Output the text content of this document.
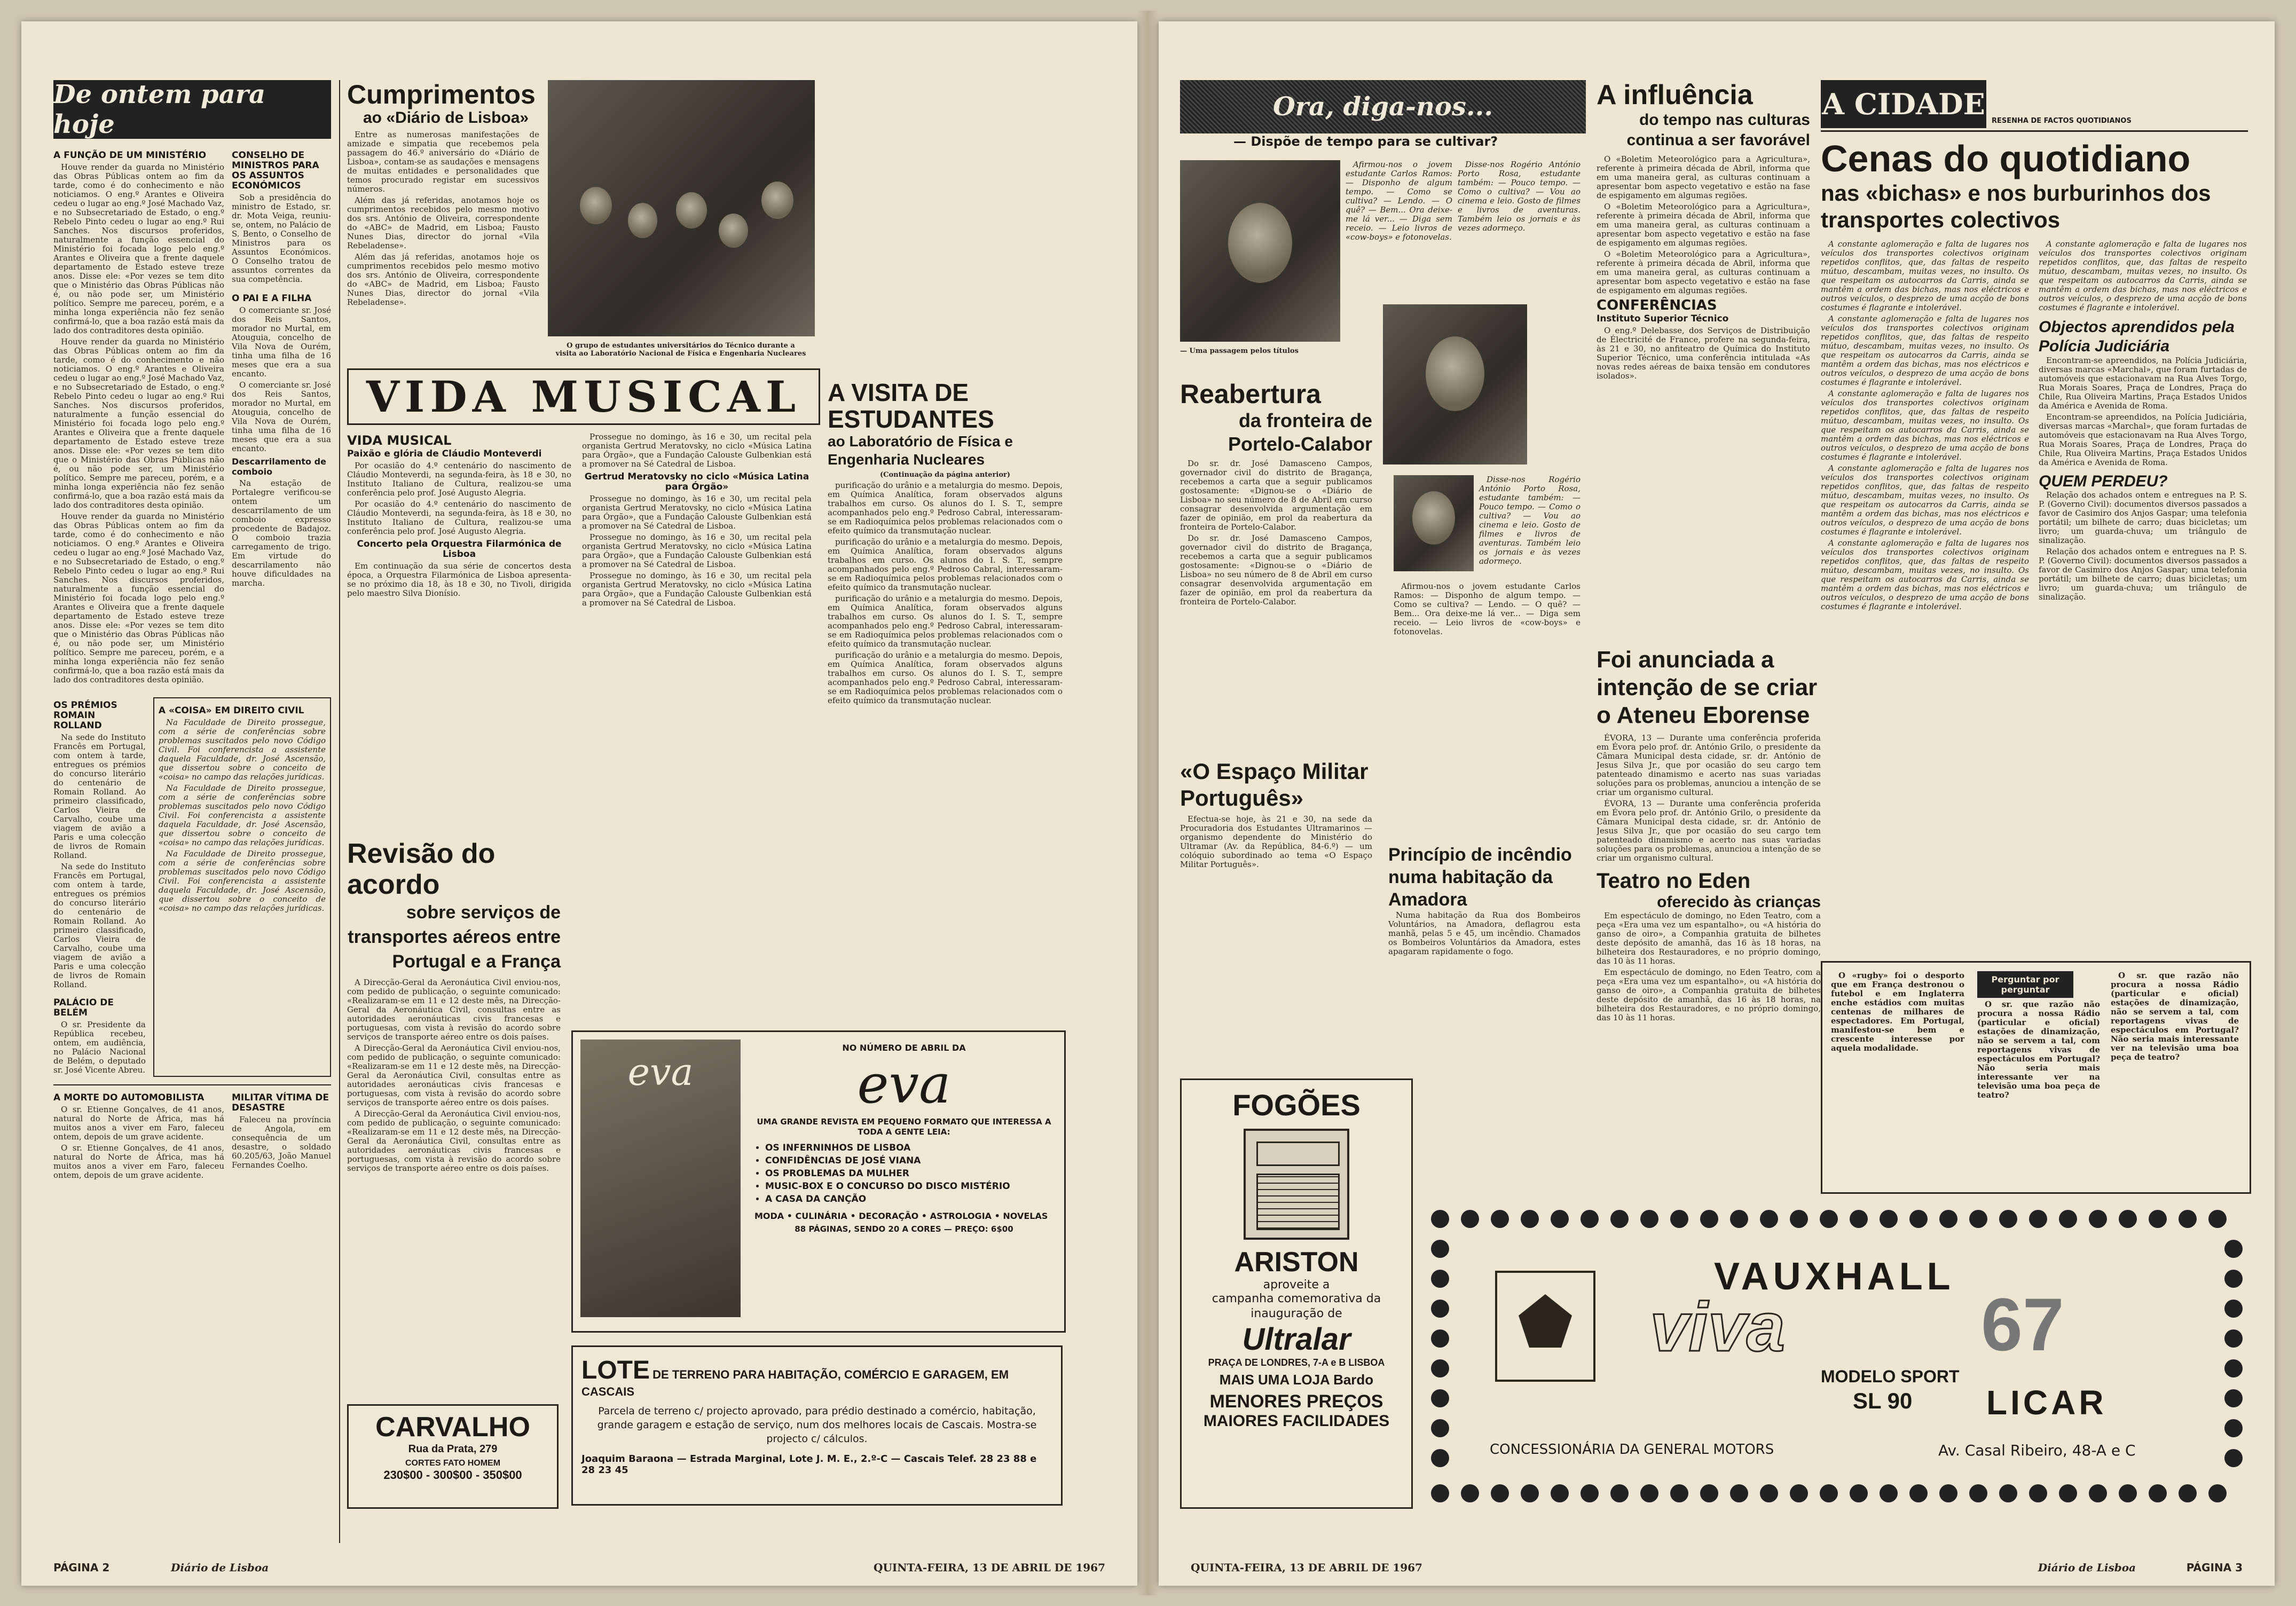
De ontem para hoje
A FUNÇÃO DE UM MINISTÉRIO

Houve render da guarda no Ministério das Obras Públicas ontem ao fim da tarde, como é do conhecimento e não noticiamos. O eng.º Arantes e Oliveira cedeu o lugar ao eng.º José Machado Vaz, e no Subsecretariado de Estado, o eng.º Rebelo Pinto cedeu o lugar ao eng.º Rui Sanches. Nos discursos proferidos, naturalmente a função essencial do Ministério foi focada logo pelo eng.º Arantes e Oliveira que a frente daquele departamento de Estado esteve treze anos. Disse ele: «Por vezes se tem dito que o Ministério das Obras Públicas não é, ou não pode ser, um Ministério político. Sempre me pareceu, porém, e a minha longa experiência não fez senão confirmá-lo, que a boa razão está mais da lado dos contraditores desta opinião.

Houve render da guarda no Ministério das Obras Públicas ontem ao fim da tarde, como é do conhecimento e não noticiamos. O eng.º Arantes e Oliveira cedeu o lugar ao eng.º José Machado Vaz, e no Subsecretariado de Estado, o eng.º Rebelo Pinto cedeu o lugar ao eng.º Rui Sanches. Nos discursos proferidos, naturalmente a função essencial do Ministério foi focada logo pelo eng.º Arantes e Oliveira que a frente daquele departamento de Estado esteve treze anos. Disse ele: «Por vezes se tem dito que o Ministério das Obras Públicas não é, ou não pode ser, um Ministério político. Sempre me pareceu, porém, e a minha longa experiência não fez senão confirmá-lo, que a boa razão está mais da lado dos contraditores desta opinião.

Houve render da guarda no Ministério das Obras Públicas ontem ao fim da tarde, como é do conhecimento e não noticiamos. O eng.º Arantes e Oliveira cedeu o lugar ao eng.º José Machado Vaz, e no Subsecretariado de Estado, o eng.º Rebelo Pinto cedeu o lugar ao eng.º Rui Sanches. Nos discursos proferidos, naturalmente a função essencial do Ministério foi focada logo pelo eng.º Arantes e Oliveira que a frente daquele departamento de Estado esteve treze anos. Disse ele: «Por vezes se tem dito que o Ministério das Obras Públicas não é, ou não pode ser, um Ministério político. Sempre me pareceu, porém, e a minha longa experiência não fez senão confirmá-lo, que a boa razão está mais da lado dos contraditores desta opinião.

CONSELHO DE MINISTROS PARA OS ASSUNTOS ECONÓMICOS

Sob a presidência do ministro de Estado, sr. dr. Mota Veiga, reuniu-se, ontem, no Palácio de S. Bento, o Conselho de Ministros para os Assuntos Económicos. O Conselho tratou de assuntos correntes da sua competência.

O PAI E A FILHA

O comerciante sr. José dos Reis Santos, morador no Murtal, em Atouguia, concelho de Vila Nova de Ourém, tinha uma filha de 16 meses que era a sua encanto.

O comerciante sr. José dos Reis Santos, morador no Murtal, em Atouguia, concelho de Vila Nova de Ourém, tinha uma filha de 16 meses que era a sua encanto.

Descarrilamento de comboio

Na estação de Portalegre verificou-se ontem um descarrilamento de um comboio expresso procedente de Badajoz. O comboio trazia carregamento de trigo. Em virtude do descarrilamento não houve dificuldades na marcha.

OS PRÉMIOS ROMAIN ROLLAND

Na sede do Instituto Francês em Portugal, com ontem à tarde, entregues os prémios do concurso literário do centenário de Romain Rolland. Ao primeiro classificado, Carlos Vieira de Carvalho, coube uma viagem de avião a Paris e uma colecção de livros de Romain Rolland.

Na sede do Instituto Francês em Portugal, com ontem à tarde, entregues os prémios do concurso literário do centenário de Romain Rolland. Ao primeiro classificado, Carlos Vieira de Carvalho, coube uma viagem de avião a Paris e uma colecção de livros de Romain Rolland.

PALÁCIO DE BELÉM

O sr. Presidente da República recebeu, ontem, em audiência, no Palácio Nacional de Belém, o deputado sr. José Vicente Abreu.

A «COISA» EM DIREITO CIVIL

Na Faculdade de Direito prossegue, com a série de conferências sobre problemas suscitados pelo novo Código Civil. Foi conferencista a assistente daquela Faculdade, dr. José Ascensão, que dissertou sobre o conceito de «coisa» no campo das relações jurídicas.

Na Faculdade de Direito prossegue, com a série de conferências sobre problemas suscitados pelo novo Código Civil. Foi conferencista a assistente daquela Faculdade, dr. José Ascensão, que dissertou sobre o conceito de «coisa» no campo das relações jurídicas.

Na Faculdade de Direito prossegue, com a série de conferências sobre problemas suscitados pelo novo Código Civil. Foi conferencista a assistente daquela Faculdade, dr. José Ascensão, que dissertou sobre o conceito de «coisa» no campo das relações jurídicas.

A MORTE DO AUTOMOBILISTA

O sr. Etienne Gonçalves, de 41 anos, natural do Norte de África, mas há muitos anos a viver em Faro, faleceu ontem, depois de um grave acidente.

O sr. Etienne Gonçalves, de 41 anos, natural do Norte de África, mas há muitos anos a viver em Faro, faleceu ontem, depois de um grave acidente.

MILITAR VÍTIMA DE DESASTRE

Faleceu na província de Angola, em consequência de um desastre, o soldado 60.205/63, João Manuel Fernandes Coelho.

Cumprimentos
ao «Diário de Lisboa»

Entre as numerosas manifestações de amizade e simpatia que recebemos pela passagem do 46.º aniversário do «Diário de Lisboa», contam-se as saudações e mensagens de muitas entidades e personalidades que temos procurado registar em sucessivos números.

Além das já referidas, anotamos hoje os cumprimentos recebidos pelo mesmo motivo dos srs. António de Oliveira, correspondente do «ABC» de Madrid, em Lisboa; Fausto Nunes Dias, director do jornal «Vila Rebeladense».

Além das já referidas, anotamos hoje os cumprimentos recebidos pelo mesmo motivo dos srs. António de Oliveira, correspondente do «ABC» de Madrid, em Lisboa; Fausto Nunes Dias, director do jornal «Vila Rebeladense».

O grupo de estudantes universitários do Técnico durante a visita ao Laboratório Nacional de Física e Engenharia Nucleares
VIDA MUSICAL
VIDA MUSICAL
Paixão e glória de Cláudio Monteverdi

Por ocasião do 4.º centenário do nascimento de Cláudio Monteverdi, na segunda-feira, às 18 e 30, no Instituto Italiano de Cultura, realizou-se uma conferência pelo prof. José Augusto Alegria.

Por ocasião do 4.º centenário do nascimento de Cláudio Monteverdi, na segunda-feira, às 18 e 30, no Instituto Italiano de Cultura, realizou-se uma conferência pelo prof. José Augusto Alegria.

Concerto pela Orquestra Filarmónica de Lisboa

Em continuação da sua série de concertos desta época, a Orquestra Filarmónica de Lisboa apresenta-se no próximo dia 18, às 18 e 30, no Tivoli, dirigida pelo maestro Silva Dionísio.

Prossegue no domingo, às 16 e 30, um recital pela organista Gertrud Meratovsky, no ciclo «Música Latina para Órgão», que a Fundação Calouste Gulbenkian está a promover na Sé Catedral de Lisboa.

Gertrud Meratovsky no ciclo «Música Latina para Órgão»

Prossegue no domingo, às 16 e 30, um recital pela organista Gertrud Meratovsky, no ciclo «Música Latina para Órgão», que a Fundação Calouste Gulbenkian está a promover na Sé Catedral de Lisboa.

Prossegue no domingo, às 16 e 30, um recital pela organista Gertrud Meratovsky, no ciclo «Música Latina para Órgão», que a Fundação Calouste Gulbenkian está a promover na Sé Catedral de Lisboa.

Prossegue no domingo, às 16 e 30, um recital pela organista Gertrud Meratovsky, no ciclo «Música Latina para Órgão», que a Fundação Calouste Gulbenkian está a promover na Sé Catedral de Lisboa.

A VISITA DE ESTUDANTES
ao Laboratório de Física e Engenharia Nucleares
(Continuação da página anterior)

purificação do urânio e a metalurgia do mesmo. Depois, em Química Analítica, foram observados alguns trabalhos em curso. Os alunos do I. S. T., sempre acompanhados pelo eng.º Pedroso Cabral, interessaram-se em Radioquímica pelos problemas relacionados com o efeito químico da transmutação nuclear.

purificação do urânio e a metalurgia do mesmo. Depois, em Química Analítica, foram observados alguns trabalhos em curso. Os alunos do I. S. T., sempre acompanhados pelo eng.º Pedroso Cabral, interessaram-se em Radioquímica pelos problemas relacionados com o efeito químico da transmutação nuclear.

purificação do urânio e a metalurgia do mesmo. Depois, em Química Analítica, foram observados alguns trabalhos em curso. Os alunos do I. S. T., sempre acompanhados pelo eng.º Pedroso Cabral, interessaram-se em Radioquímica pelos problemas relacionados com o efeito químico da transmutação nuclear.

purificação do urânio e a metalurgia do mesmo. Depois, em Química Analítica, foram observados alguns trabalhos em curso. Os alunos do I. S. T., sempre acompanhados pelo eng.º Pedroso Cabral, interessaram-se em Radioquímica pelos problemas relacionados com o efeito químico da transmutação nuclear.

Revisão do acordo
sobre serviços de transportes aéreos entre Portugal e a França

A Direcção-Geral da Aeronáutica Civil enviou-nos, com pedido de publicação, o seguinte comunicado: «Realizaram-se em 11 e 12 deste mês, na Direcção-Geral da Aeronáutica Civil, consultas entre as autoridades aeronáuticas civis francesas e portuguesas, com vista à revisão do acordo sobre serviços de transporte aéreo entre os dois países.

A Direcção-Geral da Aeronáutica Civil enviou-nos, com pedido de publicação, o seguinte comunicado: «Realizaram-se em 11 e 12 deste mês, na Direcção-Geral da Aeronáutica Civil, consultas entre as autoridades aeronáuticas civis francesas e portuguesas, com vista à revisão do acordo sobre serviços de transporte aéreo entre os dois países.

A Direcção-Geral da Aeronáutica Civil enviou-nos, com pedido de publicação, o seguinte comunicado: «Realizaram-se em 11 e 12 deste mês, na Direcção-Geral da Aeronáutica Civil, consultas entre as autoridades aeronáuticas civis francesas e portuguesas, com vista à revisão do acordo sobre serviços de transporte aéreo entre os dois países.

eva
NO NÚMERO DE ABRIL DA
eva
UMA GRANDE REVISTA EM PEQUENO FORMATO QUE INTERESSA A TODA A GENTE LEIA:
• OS INFERNINHOS DE LISBOA
• CONFIDÊNCIAS DE JOSÉ VIANA
• OS PROBLEMAS DA MULHER
• MUSIC-BOX E O CONCURSO DO DISCO MISTÉRIO
• A CASA DA CANÇÃO
MODA • CULINÁRIA • DECORAÇÃO • ASTROLOGIA • NOVELAS
88 PÁGINAS, SENDO 20 A CORES — PREÇO: 6$00
LOTE DE TERRENO PARA HABITAÇÃO, COMÉRCIO E GARAGEM, EM CASCAIS
Parcela de terreno c/ projecto aprovado, para prédio destinado a comércio, habitação, grande garagem e estação de serviço, num dos melhores locais de Cascais. Mostra-se projecto c/ cálculos.
Joaquim Baraona — Estrada Marginal, Lote J. M. E., 2.º-C — Cascais Telef. 28 23 88 e 28 23 45
CARVALHO
Rua da Prata, 279
CORTES FATO HOMEM
230$00 - 300$00 - 350$00
PÁGINA 2	Diário de Lisboa	QUINTA-FEIRA, 13 DE ABRIL DE 1967
Ora, diga-nos...
— Dispõe de tempo para se cultivar?

Afirmou-nos o jovem estudante Carlos Ramos: — Disponho de algum tempo. — Como se cultiva? — Lendo. — O quê? — Bem... Ora deixe-me lá ver... — Diga sem receio. — Leio livros de «cow-boys» e fotonovelas.

Disse-nos Rogério António Porto Rosa, estudante também: — Pouco tempo. — Como o cultiva? — Vou ao cinema e leio. Gosto de filmes e livros de aventuras. Também leio os jornais e às vezes adormeço.

— Uma passagem pelos títulos
Reabertura
da fronteira de Portelo-Calabor

Do sr. dr. José Damasceno Campos, governador civil do distrito de Bragança, recebemos a carta que a seguir publicamos gostosamente: «Dignou-se o «Diário de Lisboa» no seu número de 8 de Abril em curso consagrar desenvolvida argumentação em fazer de opinião, em prol da reabertura da fronteira de Portelo-Calabor.

Do sr. dr. José Damasceno Campos, governador civil do distrito de Bragança, recebemos a carta que a seguir publicamos gostosamente: «Dignou-se o «Diário de Lisboa» no seu número de 8 de Abril em curso consagrar desenvolvida argumentação em fazer de opinião, em prol da reabertura da fronteira de Portelo-Calabor.

Disse-nos Rogério António Porto Rosa, estudante também: — Pouco tempo. — Como o cultiva? — Vou ao cinema e leio. Gosto de filmes e livros de aventuras. Também leio os jornais e às vezes adormeço.

Afirmou-nos o jovem estudante Carlos Ramos: — Disponho de algum tempo. — Como se cultiva? — Lendo. — O quê? — Bem... Ora deixe-me lá ver... — Diga sem receio. — Leio livros de «cow-boys» e fotonovelas.

A influência
do tempo nas culturas continua a ser favorável

O «Boletim Meteorológico para a Agricultura», referente à primeira década de Abril, informa que em uma maneira geral, as culturas continuam a apresentar bom aspecto vegetativo e estão na fase de espigamento em algumas regiões.

O «Boletim Meteorológico para a Agricultura», referente à primeira década de Abril, informa que em uma maneira geral, as culturas continuam a apresentar bom aspecto vegetativo e estão na fase de espigamento em algumas regiões.

O «Boletim Meteorológico para a Agricultura», referente à primeira década de Abril, informa que em uma maneira geral, as culturas continuam a apresentar bom aspecto vegetativo e estão na fase de espigamento em algumas regiões.

CONFERÊNCIAS
Instituto Superior Técnico

O eng.º Delebasse, dos Serviços de Distribuição de Électricité de France, profere na segunda-feira, às 21 e 30, no anfiteatro de Química do Instituto Superior Técnico, uma conferência intitulada «As novas redes aéreas de baixa tensão em condutores isolados».

A CIDADE RESENHA DE FACTOS QUOTIDIANOS
Cenas do quotidiano
nas «bichas» e nos burburinhos dos transportes colectivos

A constante aglomeração e falta de lugares nos veículos dos transportes colectivos originam repetidos conflitos, que, das faltas de respeito mútuo, descambam, muitas vezes, no insulto. Os que respeitam os autocarros da Carris, ainda se mantêm a ordem das bichas, mas nos eléctricos e outros veículos, o desprezo de uma acção de bons costumes é flagrante e intolerável.

A constante aglomeração e falta de lugares nos veículos dos transportes colectivos originam repetidos conflitos, que, das faltas de respeito mútuo, descambam, muitas vezes, no insulto. Os que respeitam os autocarros da Carris, ainda se mantêm a ordem das bichas, mas nos eléctricos e outros veículos, o desprezo de uma acção de bons costumes é flagrante e intolerável.

A constante aglomeração e falta de lugares nos veículos dos transportes colectivos originam repetidos conflitos, que, das faltas de respeito mútuo, descambam, muitas vezes, no insulto. Os que respeitam os autocarros da Carris, ainda se mantêm a ordem das bichas, mas nos eléctricos e outros veículos, o desprezo de uma acção de bons costumes é flagrante e intolerável.

A constante aglomeração e falta de lugares nos veículos dos transportes colectivos originam repetidos conflitos, que, das faltas de respeito mútuo, descambam, muitas vezes, no insulto. Os que respeitam os autocarros da Carris, ainda se mantêm a ordem das bichas, mas nos eléctricos e outros veículos, o desprezo de uma acção de bons costumes é flagrante e intolerável.

A constante aglomeração e falta de lugares nos veículos dos transportes colectivos originam repetidos conflitos, que, das faltas de respeito mútuo, descambam, muitas vezes, no insulto. Os que respeitam os autocarros da Carris, ainda se mantêm a ordem das bichas, mas nos eléctricos e outros veículos, o desprezo de uma acção de bons costumes é flagrante e intolerável.

A constante aglomeração e falta de lugares nos veículos dos transportes colectivos originam repetidos conflitos, que, das faltas de respeito mútuo, descambam, muitas vezes, no insulto. Os que respeitam os autocarros da Carris, ainda se mantêm a ordem das bichas, mas nos eléctricos e outros veículos, o desprezo de uma acção de bons costumes é flagrante e intolerável.

Objectos aprendidos pela Polícia Judiciária

Encontram-se apreendidos, na Polícia Judiciária, diversas marcas «Marchal», que foram furtadas de automóveis que estacionavam na Rua Alves Torgo, Rua Morais Soares, Praça de Londres, Praça do Chile, Rua Oliveira Martins, Praça Estados Unidos da América e Avenida de Roma.

Encontram-se apreendidos, na Polícia Judiciária, diversas marcas «Marchal», que foram furtadas de automóveis que estacionavam na Rua Alves Torgo, Rua Morais Soares, Praça de Londres, Praça do Chile, Rua Oliveira Martins, Praça Estados Unidos da América e Avenida de Roma.

QUEM PERDEU?

Relação dos achados ontem e entregues na P. S. P. (Governo Civil): documentos diversos passados a favor de Casimiro dos Anjos Gaspar; uma telefonia portátil; um bilhete de carro; duas bicicletas; um livro; um guarda-chuva; um triângulo de sinalização.

Relação dos achados ontem e entregues na P. S. P. (Governo Civil): documentos diversos passados a favor de Casimiro dos Anjos Gaspar; uma telefonia portátil; um bilhete de carro; duas bicicletas; um livro; um guarda-chuva; um triângulo de sinalização.

Foi anunciada a intenção de se criar o Ateneu Eborense

ÉVORA, 13 — Durante uma conferência proferida em Évora pelo prof. dr. António Grilo, o presidente da Câmara Municipal desta cidade, sr. dr. António de Jesus Silva Jr., que por ocasião do seu cargo tem patenteado dinamismo e acerto nas suas variadas soluções para os problemas, anunciou a intenção de se criar um organismo cultural.

ÉVORA, 13 — Durante uma conferência proferida em Évora pelo prof. dr. António Grilo, o presidente da Câmara Municipal desta cidade, sr. dr. António de Jesus Silva Jr., que por ocasião do seu cargo tem patenteado dinamismo e acerto nas suas variadas soluções para os problemas, anunciou a intenção de se criar um organismo cultural.

Teatro no Eden
oferecido às crianças

Em espectáculo de domingo, no Eden Teatro, com a peça «Era uma vez um espantalho», ou «A história do ganso de oiro», a Companhia gratuita de bilhetes deste depósito de amanhã, das 16 às 18 horas, na bilheteira dos Restauradores, e no próprio domingo, das 10 às 11 horas.

Em espectáculo de domingo, no Eden Teatro, com a peça «Era uma vez um espantalho», ou «A história do ganso de oiro», a Companhia gratuita de bilhetes deste depósito de amanhã, das 16 às 18 horas, na bilheteira dos Restauradores, e no próprio domingo, das 10 às 11 horas.

«O Espaço Militar Português»

Efectua-se hoje, às 21 e 30, na sede da Procuradoria dos Estudantes Ultramarinos — organismo dependente do Ministério do Ultramar (Av. da República, 84-6.º) — um colóquio subordinado ao tema «O Espaço Militar Português».	Princípio de incêndio numa habitação da Amadora

Numa habitação da Rua dos Bombeiros Voluntários, na Amadora, deflagrou esta manhã, pelas 5 e 45, um incêndio. Chamados os Bombeiros Voluntários da Amadora, estes apagaram rapidamente o fogo.

O «rugby» foi o desporto que em França destronou o futebol e em Inglaterra enche estádios com muitas centenas de milhares de espectadores. Em Portugal, manifestou-se bem e crescente interesse por aquela modalidade.

Perguntar por perguntar

O sr. que razão não procura a nossa Rádio (particular e oficial) estações de dinamização, não se servem a tal, com reportagens vivas de espectáculos em Portugal? Não seria mais interessante ver na televisão uma boa peça de teatro?

O sr. que razão não procura a nossa Rádio (particular e oficial) estações de dinamização, não se servem a tal, com reportagens vivas de espectáculos em Portugal? Não seria mais interessante ver na televisão uma boa peça de teatro?

FOGÕES
ARISTON
aproveite a
campanha comemorativa da inauguração de
Ultralar
PRAÇA DE LONDRES, 7-A e B LISBOA
MAIS UMA LOJA Bardo
MENORES PREÇOS
MAIORES FACILIDADES
VAUXHALL
viva	67
MODELO SPORT
SL 90 LICAR
CONCESSIONÁRIA DA GENERAL MOTORS	Av. Casal Ribeiro, 48-A e C
QUINTA-FEIRA, 13 DE ABRIL DE 1967	Diário de Lisboa	PÁGINA 3
